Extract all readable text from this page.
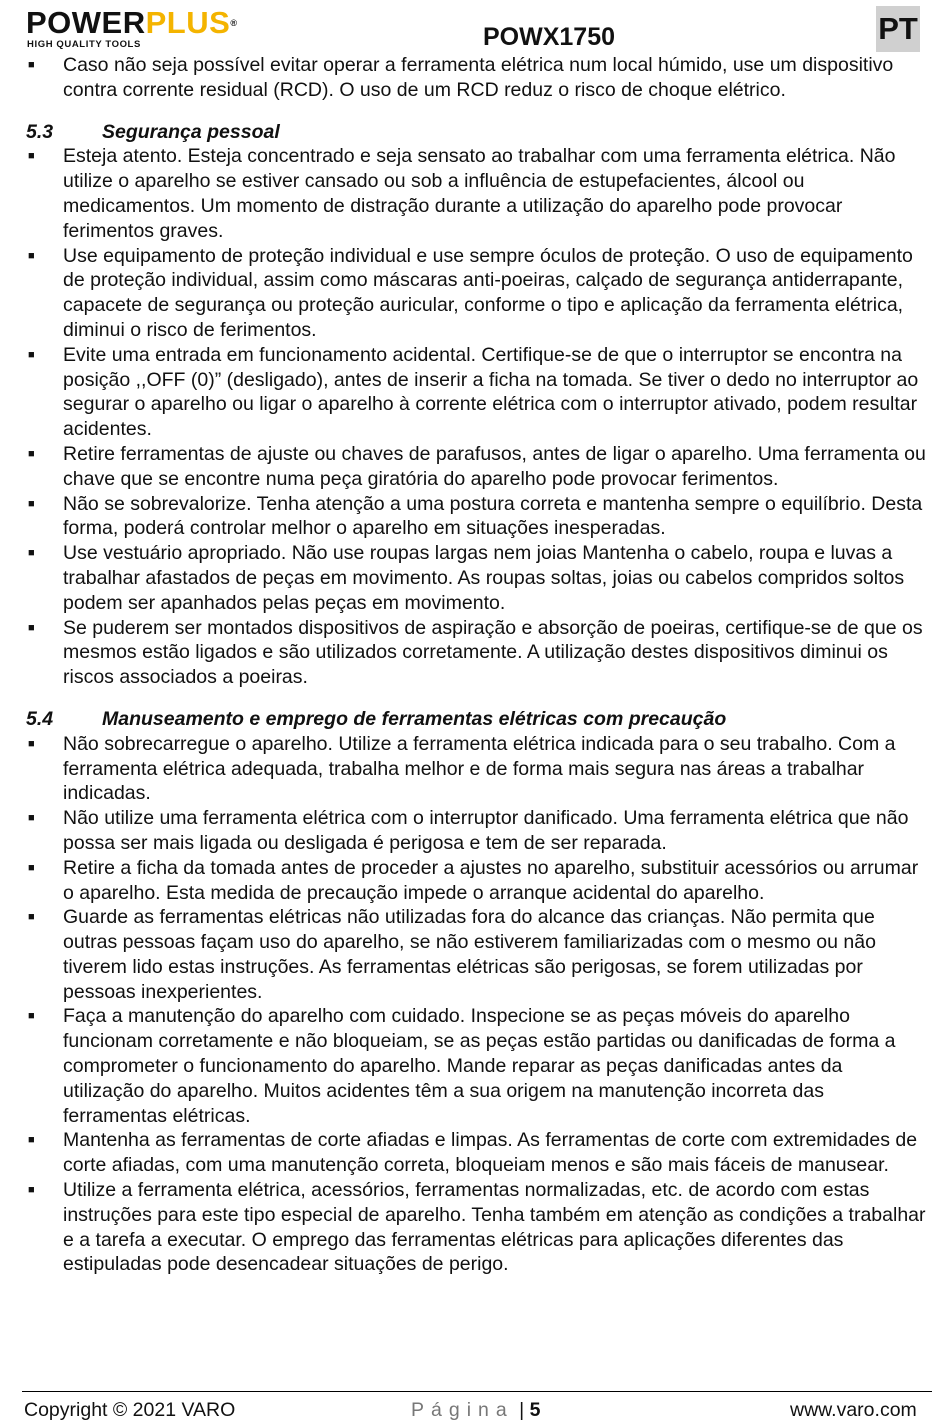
POWERPLUS®
HIGH QUALITY TOOLS	POWX1750	PT
■ Caso não seja possível evitar operar a ferramenta elétrica num local húmido, use um dispositivo contra corrente residual (RCD). O uso de um RCD reduz o risco de choque elétrico.
5.3	Segurança pessoal
■ Esteja atento. Esteja concentrado e seja sensato ao trabalhar com uma ferramenta elétrica. Não utilize o aparelho se estiver cansado ou sob a influência de estupefacientes, álcool ou medicamentos. Um momento de distração durante a utilização do aparelho pode provocar ferimentos graves.
■ Use equipamento de proteção individual e use sempre óculos de proteção. O uso de equipamento de proteção individual, assim como máscaras anti-poeiras, calçado de segurança antiderrapante, capacete de segurança ou proteção auricular, conforme o tipo e aplicação da ferramenta elétrica, diminui o risco de ferimentos.
■ Evite uma entrada em funcionamento acidental. Certifique-se de que o interruptor se encontra na posição ,,OFF (0)” (desligado), antes de inserir a ficha na tomada. Se tiver o dedo no interruptor ao segurar o aparelho ou ligar o aparelho à corrente elétrica com o interruptor ativado, podem resultar acidentes.
■ Retire ferramentas de ajuste ou chaves de parafusos, antes de ligar o aparelho. Uma ferramenta ou chave que se encontre numa peça giratória do aparelho pode provocar ferimentos.
■ Não se sobrevalorize. Tenha atenção a uma postura correta e mantenha sempre o equilíbrio. Desta forma, poderá controlar melhor o aparelho em situações inesperadas.
■ Use vestuário apropriado. Não use roupas largas nem joias Mantenha o cabelo, roupa e luvas a trabalhar afastados de peças em movimento. As roupas soltas, joias ou cabelos compridos soltos podem ser apanhados pelas peças em movimento.
■ Se puderem ser montados dispositivos de aspiração e absorção de poeiras, certifique-se de que os mesmos estão ligados e são utilizados corretamente. A utilização destes dispositivos diminui os riscos associados a poeiras.
5.4	Manuseamento e emprego de ferramentas elétricas com precaução
■ Não sobrecarregue o aparelho. Utilize a ferramenta elétrica indicada para o seu trabalho. Com a ferramenta elétrica adequada, trabalha melhor e de forma mais segura nas áreas a trabalhar indicadas.
■ Não utilize uma ferramenta elétrica com o interruptor danificado. Uma ferramenta elétrica que não possa ser mais ligada ou desligada é perigosa e tem de ser reparada.
■ Retire a ficha da tomada antes de proceder a ajustes no aparelho, substituir acessórios ou arrumar o aparelho. Esta medida de precaução impede o arranque acidental do aparelho.
■ Guarde as ferramentas elétricas não utilizadas fora do alcance das crianças. Não permita que outras pessoas façam uso do aparelho, se não estiverem familiarizadas com o mesmo ou não tiverem lido estas instruções. As ferramentas elétricas são perigosas, se forem utilizadas por pessoas inexperientes.
■ Faça a manutenção do aparelho com cuidado. Inspecione se as peças móveis do aparelho funcionam corretamente e não bloqueiam, se as peças estão partidas ou danificadas de forma a comprometer o funcionamento do aparelho. Mande reparar as peças danificadas antes da utilização do aparelho. Muitos acidentes têm a sua origem na manutenção incorreta das ferramentas elétricas.
■ Mantenha as ferramentas de corte afiadas e limpas. As ferramentas de corte com extremidades de corte afiadas, com uma manutenção correta, bloqueiam menos e são mais fáceis de manusear.
■ Utilize a ferramenta elétrica, acessórios, ferramentas normalizadas, etc. de acordo com estas instruções para este tipo especial de aparelho. Tenha também em atenção as condições a trabalhar e a tarefa a executar. O emprego das ferramentas elétricas para aplicações diferentes das estipuladas pode desencadear situações de perigo.
Copyright © 2021 VARO	Página | 5	www.varo.com
